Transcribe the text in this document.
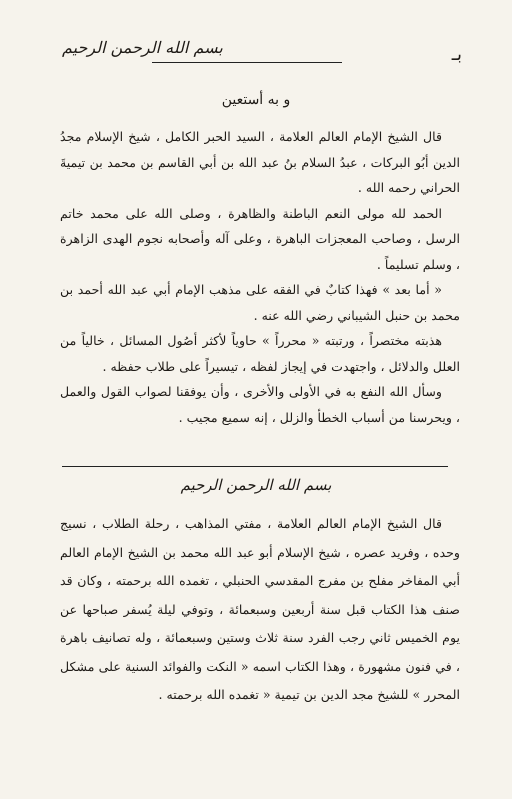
بسم الله الرحمن الرحيم	بـ
و به أستعين

قال الشيخ الإمام العالم العلامة ، السيد الحبر الكامل ، شيخ الإسلام مجدُ الدين أبُو البركات ، عبدُ السلام بنُ عبد الله بن أبي القاسم بن محمد بن تيميةَ الحراني رحمه الله .

الحمد لله مولى النعم الباطنة والظاهرة ، وصلى الله على محمد خاتم الرسل ، وصاحب المعجزات الباهرة ، وعلى آله وأصحابه نجوم الهدى الزاهرة ، وسلم تسليماً .

« أما بعد » فهذا كتابٌ في الفقه على مذهب الإمام أبي عبد الله أحمد بن محمد بن حنبل الشيباني رضي الله عنه .

هذبته مختصراً ، ورتبته « محرراً » حاوياً لأكثر أصُول المسائل ، خالياً من العلل والدلائل ، واجتهدت في إيجاز لفظه ، تيسيراً على طلاب حفظه .

وسأل الله النفع به في الأولى والأخرى ، وأن يوفقنا لصواب القول والعمل ، ويحرسنا من أسباب الخطأ والزلل ، إنه سميع مجيب .

بسم الله الرحمن الرحيم

قال الشيخ الإمام العالم العلامة ، مفتي المذاهب ، رحلة الطلاب ، نسيج وحده ، وفريد عصره ، شيخ الإسلام أبو عبد الله محمد بن الشيخ الإمام العالم أبي المفاخر مفلح بن مفرج المقدسي الحنبلي ، تغمده الله برحمته ، وكان قد صنف هذا الكتاب قبل سنة أربعين وسبعمائة ، وتوفي ليلة يُسفر صباحها عن يوم الخميس ثاني رجب الفرد سنة ثلاث وستين وسبعمائة ، وله تصانيف باهرة ، في فنون مشهورة ، وهذا الكتاب اسمه « النكت والفوائد السنية على مشكل المحرر » للشيخ مجد الدين بن تيمية « تغمده الله برحمته .
